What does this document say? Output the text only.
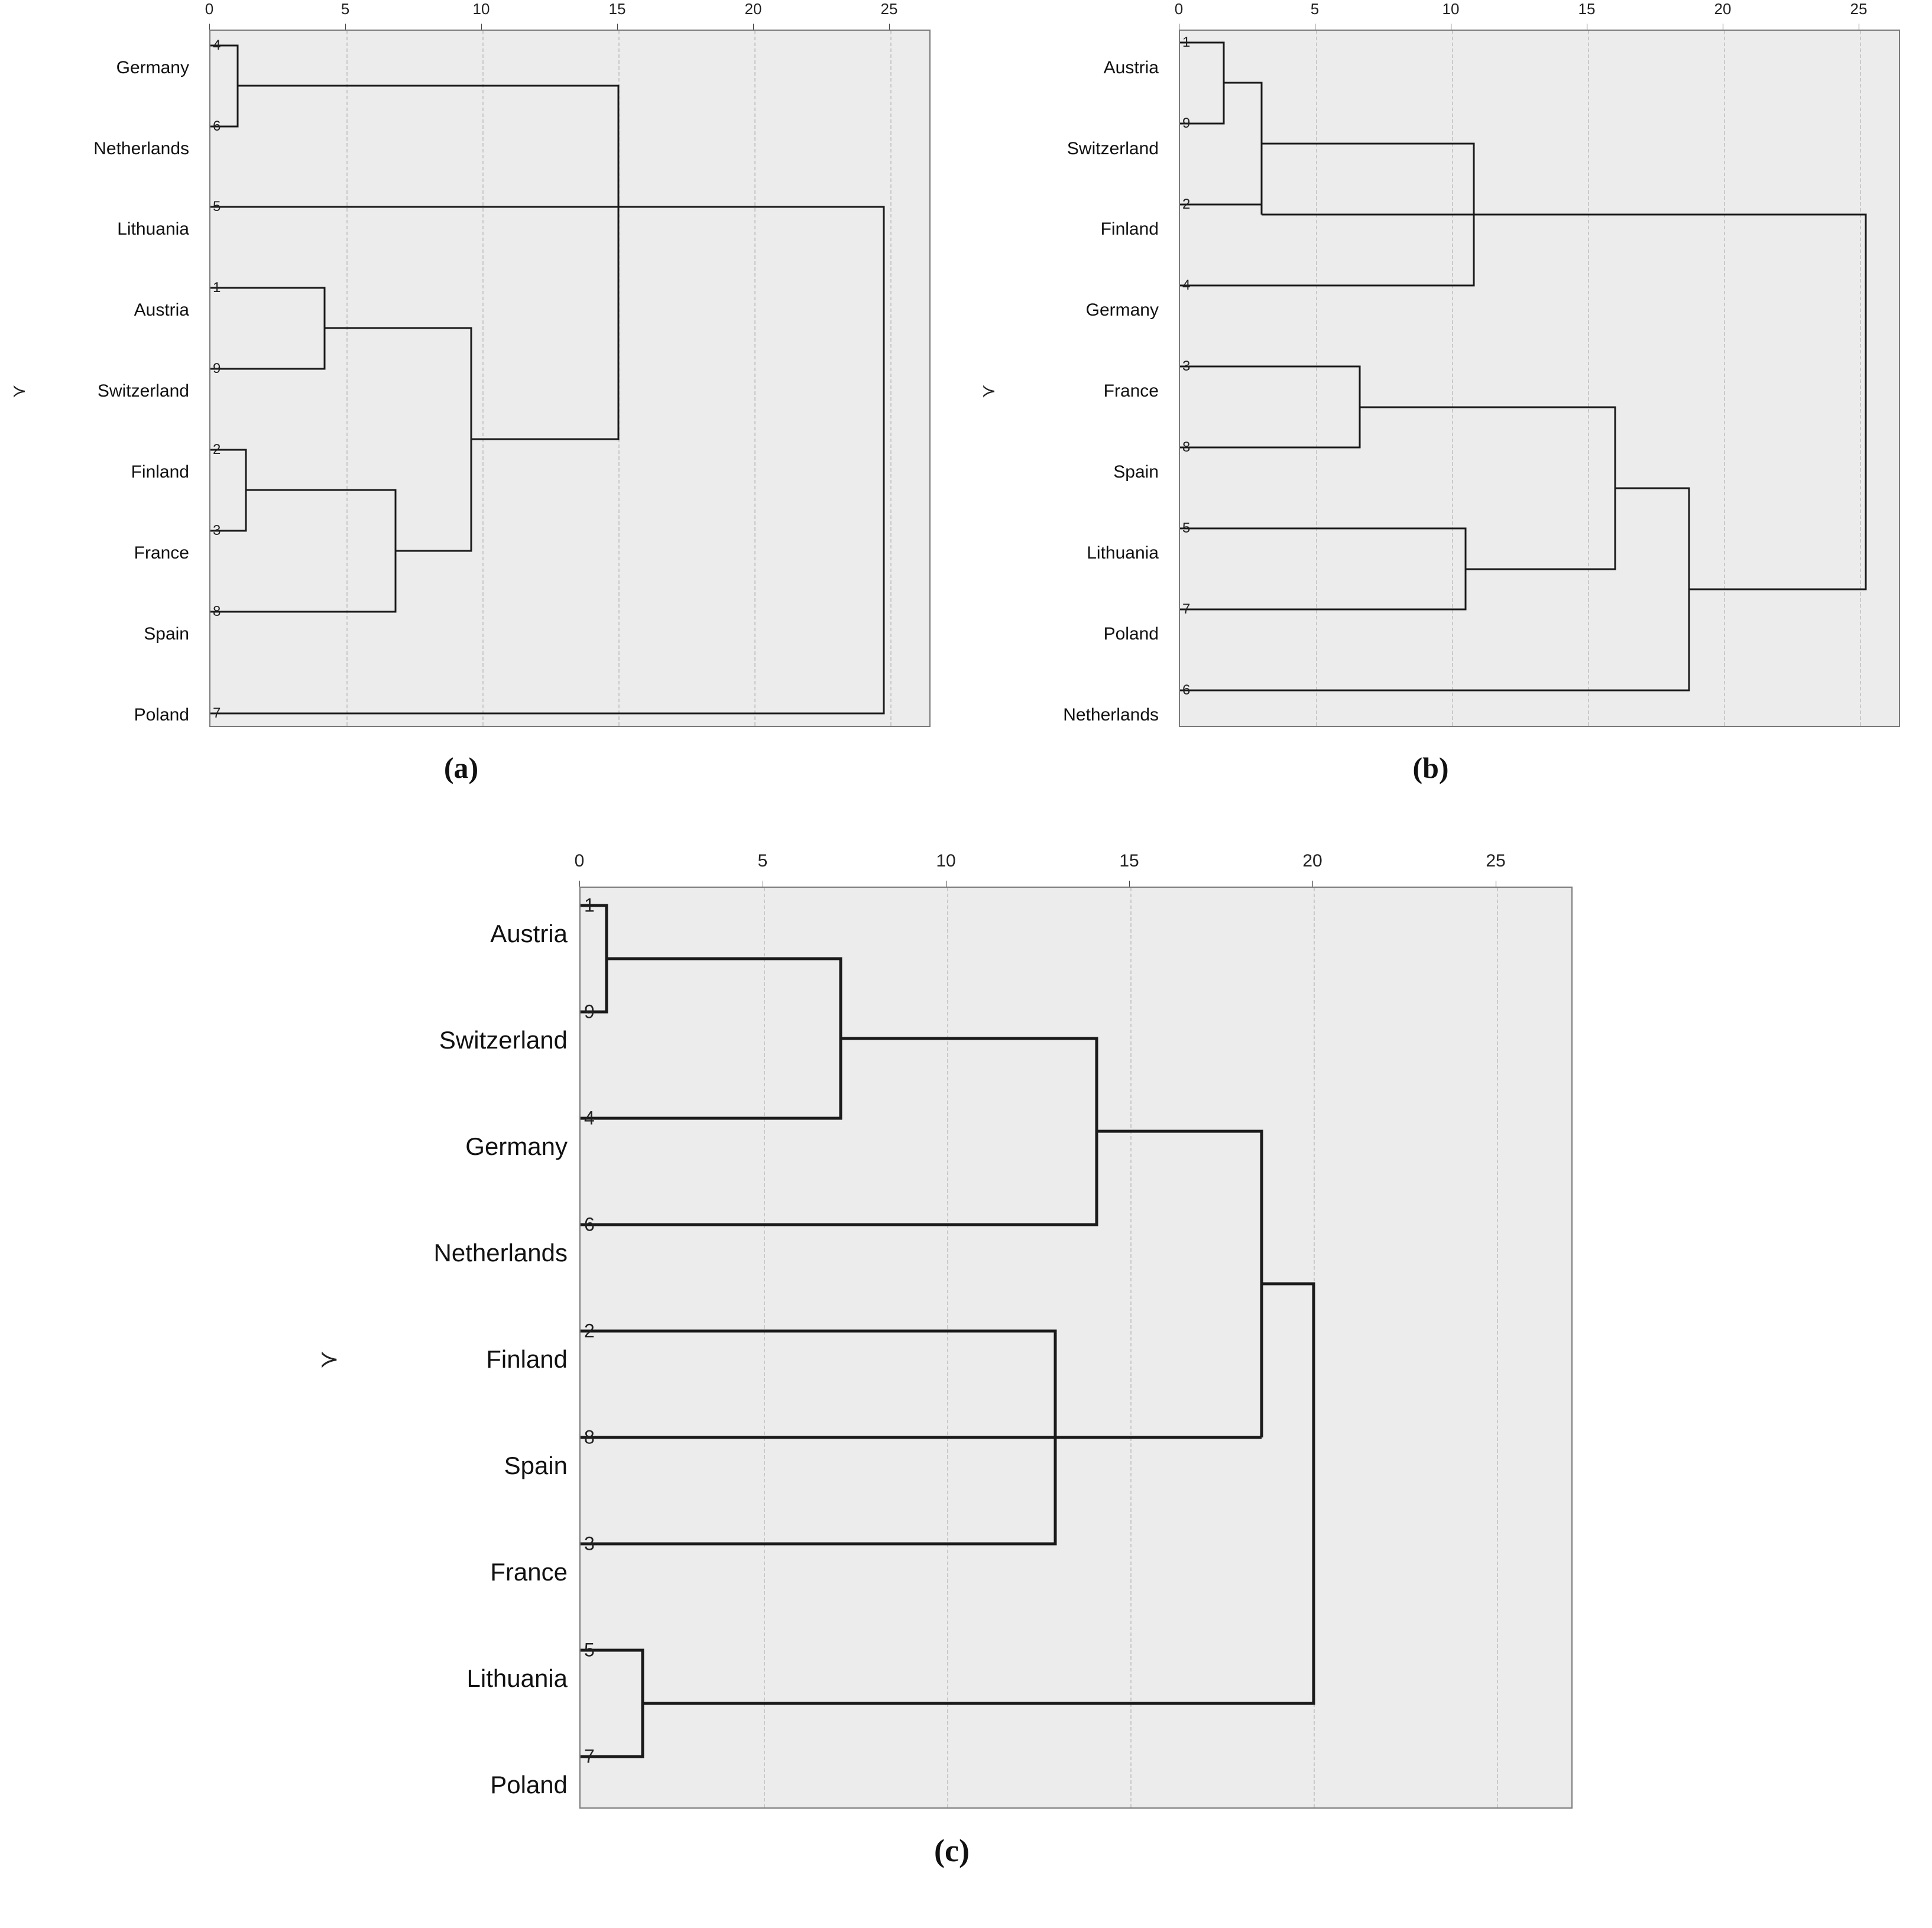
Germany
Netherlands
Lithuania
Austria
Switzerland
Finland
France
Spain
Poland
≻
0	5	10	15	20	25
4
6
5
1
9
2
3
8
7
(a)
Austria
Switzerland
Finland
Germany
France
Spain
Lithuania
Poland
Netherlands
≻
0	5	10	15	20	25
1
9
2
4
3
8
5
7
6
(b)
Austria
Switzerland
Germany
Netherlands
Finland
Spain
France
Lithuania
Poland
≻
0	5	10	15	20	25
1
9
4
6
2
8
3
5
7
(c)
